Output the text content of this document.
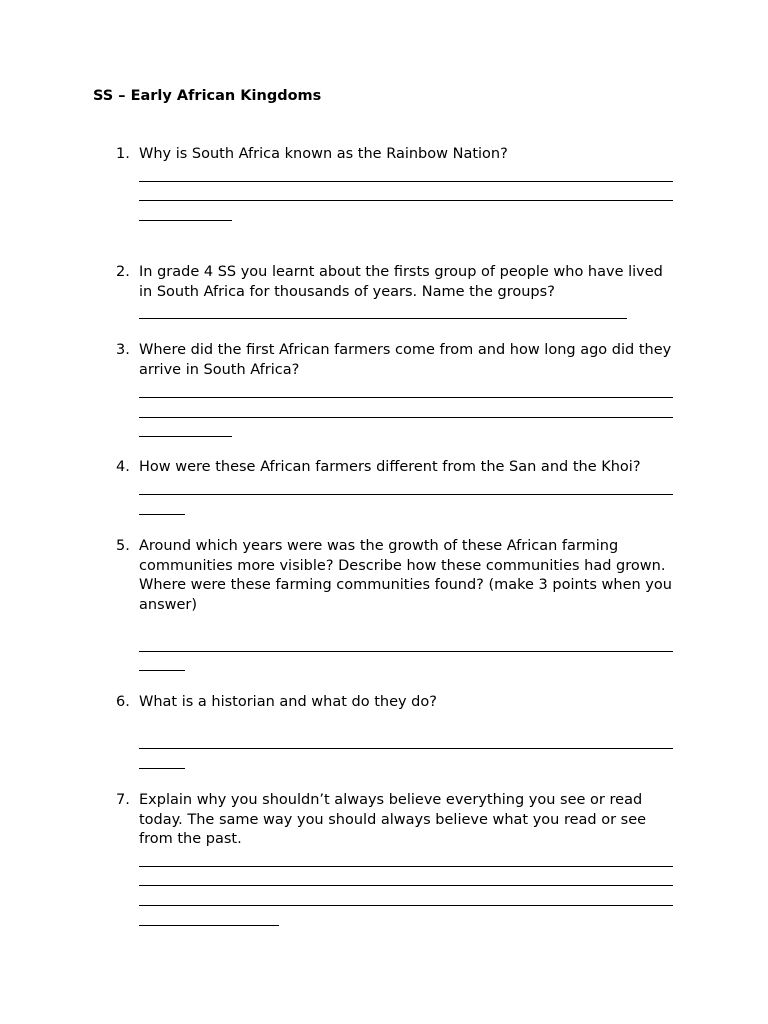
SS – Early African Kingdoms
1. Why is South Africa known as the Rainbow Nation?
2. In grade 4 SS you learnt about the firsts group of people who have lived in South Africa for thousands of years. Name the groups?
3. Where did the first African farmers come from and how long ago did they arrive in South Africa?
4. How were these African farmers different from the San and the Khoi?
5. Around which years were was the growth of these African farming communities more visible? Describe how these communities had grown. Where were these farming communities found? (make 3 points when you answer)
6. What is a historian and what do they do?
7. Explain why you shouldn’t always believe everything you see or read today. The same way you should always believe what you read or see from the past.
